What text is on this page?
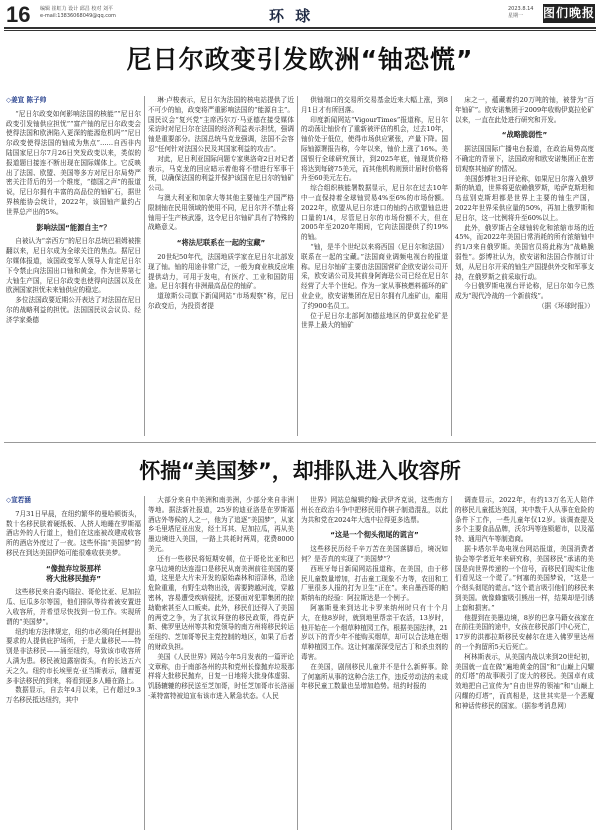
16 编辑 崔虹力 设计 邱昌 校对 刘平
e-mail:13836068049@qq.com	环 球	2023.8.14
星期一	图们晚报
尼日尔政变引发欧洲“铀恐慌”

◇姜宣 陈子帅

“尼日尔政变如何影响法国的核能”“尼日尔政变引发铀供应担忧”“富产铀的尼日尔政变会使得法国和欧洲陷入更深的能源危机吗”“尼日尔政变使得法国的铀成为焦点”……自西非内陆国家尼日尔7月26日突发政变以来，类似的报道题目接连不断出现在国际媒体上。它反映出了法国、欧盟、美国等多方对尼日尔局势严密关注背后的另一个维度，“德国之声”的报道说，尼日尔拥有丰富的高品位的铀矿石，据世界核能协会统计，2022年，该国铀产量约占世界总产出的5%。

影响法国“能源自主”？

自被认为“亲西方”的尼日尔总统巴祖姆被推翻以来，尼日尔成为全球关注的焦点。据尼日尔媒体报道，该国政变军人领导人肯定尼日尔下令禁止向法国出口铀和黄金，作为世界第七大铀生产国，尼日尔政变也使得向法国以及在欧洲国家担忧未来铀供应的稳定。

多位法国政要近期公开表达了对法国在尼日尔的战略利益的担忧。法国国民议会议员、经济学家桑德

琳·卢梭表示，尼日尔为法国的核电站提供了近不可少的铀，政变将严重影响法国的“能源自主”。国民议会“复兴党”主席西尔万·马亚德在接受媒体采访时对尼日尔在法国的经济利益表示担忧，强调铀是重要部分。法国总统马克龙强调，法国不会容忍“任何针对法国公民及其国家利益的攻击”。

对此，尼日利亚国际问题专家奥洛奇2日对记者表示，马克龙的回应暗示着他将不惜进行军事干预，以确保法国的利益并保护该国在尼日尔的铀矿公司。

与澳大利亚和加拿大等其他主要铀生产国严格限制铀在民用领域的使用不同，尼日尔并不禁止将铀用于生产核武器，这令尼日尔铀矿具有了特殊的战略意义。

“将法尼联系在一起的宝藏”

20世纪50年代，法国地质学家在尼日尔北部发现了铀。铀的用途非常广泛，一般为商业核反应堆提供动力，可用于发电，有医疗、工业和国防用途。尼日尔拥有非洲最高品位的铀矿。

道琼斯公司旗下新闻网站“市场观察”称，尼日尔政变后，为投资者提

供铀端口的交易所交易基金近来大幅上涨，到8月1日才有所回落。

印度新闻网站“VigourTimes”报道称，尼日尔的动荡让铀价有了重新被评估的机会，过去10年，铀价处于低位，使得市场供应紧张，产量下降。国际铀源署报告称，今年以来，铀价上涨了16%。美国银行全球研究预计，到2025年底，铀现货价格将达到每磅75美元，而其他机构则预计届时价格将升至60美元左右。

综合组织核能署数据显示，尼日尔在过去10年中一直保持着全球铀贸易4%至6%的市场份额。2022年，欧盟从尼日尔进口的铀约占欧盟铀总进口量的1/4，尽管尼日尔的市场份额不大，但在2005年至2020年期间，它向法国提供了约19%的铀。

“铀，是半个世纪以来将西国（尼日尔和法国）联系在一起的宝藏。”法国商业调频电视台的报道称。尼日尔铀矿主要由法国国营矿企欧安诺公司开采，欧安诺公司及其前身阿海珐公司已经在尼日尔经营了大半个世纪。作为一家从事核燃料循环的矿业企业，欧安诺集团在尼日尔拥有几座矿山，雇用了约900名员工。

位于尼日尔北部阿加德兹地区的伊莫拉伦矿是世界上最大的铀矿

床之一，蕴藏着约20万吨的铀，被誉为“百年铀矿”。欧安诺集团于2009年收购伊莫拉伦矿以来，一直在此处进行研究和开发。

“战略脆弱性”

据法国国际广播电台报道，在政治局势高度不确定的背景下，法国政府和欧安诺集团正在密切观察其铀矿的情况。

美国彭博社3日评论称，如果尼日尔落入俄罗斯的轨道，世界将更依赖俄罗斯，哈萨克斯坦和乌兹别克斯坦都是世界上主要的铀生产国，2022年世界采供应量的50%，再加上俄罗斯和尼日尔，这一比例将升至60%以上。

此外，俄罗斯占全球铀转化和浓缩市场的近45%，而2022年美国日常消耗的所有浓缩铀中约1/3来自俄罗斯。美国官员将此称为“战略脆弱性”。彭博社认为，欧安诺和法国合作制订计划，从尼日尔开采的铀生产国提供外交和军事支持，在俄罗斯之前采取行动。

今日俄罗斯电视台评论称，尼日尔如今已然成为“现代冷战的一个新前线”。

（据《环球时报》）

怀揣“美国梦”，却排队进入收容所

◇宣若涵

7月31日早晨，在纽约繁华的曼哈顿街头，数十名移民肤着硬纸板、人挤人地睡在罗斯福酒店外的人行道上，他们在这座被改建成收容所的酒店外度过了一夜。这些怀揣“美国梦”的移民在到达美国伊始可能很难收获美梦。

“像抛弃垃圾那样
将大批移民抛弃”

这些移民来自委内瑞拉、哥伦比亚、尼加拉瓜、厄瓜多尔等国，他们排队等待着被安置进入收容所，并希望尽快找到一份工作。实现所谓的“美国梦”。

纽约地方法律规定，纽约市必须向任何提出要求的人提供庇护场所，于是大量移民——特别是非法移民——涌至纽约，导致该市收容所人满为患。移民被迫露宿街头，有的长达五六天之久。纽约市长埃里克·亚当斯表示，随着更多非法移民的到来，将看到更多人睡在路上。

数据显示，自去年4月以来，已有超过9.3万名移民抵达纽约，其中

大部分来自中美洲和南美洲，少部分来自非洲等地。据法新社报道，25岁的迪亚洛是在罗斯福酒店外等候的人之一，他为了追逐“美国梦”，从家乡毛里塔尼亚出发，经土耳其、尼加拉瓜，再从美墨边境进入美国，一路上共耗时两周，花费8000美元。

还有一些移民将短期安顿，位于哥伦比亚和巴拿马边境的达连湿口是移民从南美洲前往美国的要道，这里是大片未开发的原始森林和沼泽林，沿途危险重重，有野生动物出没，需要跨越河流，穿越密林，容易遭受疾病侵扰，还要面对犯罪集团的掠劫勒索甚至人口贩卖。此外，移民们还得入了美国的两党之争，为了抗议拜登的移民政策，得克萨斯、佛罗里达州等共和党领导的南方州将移民转运至纽约、芝加哥等民主党控制的地区，如果了后者的财政负担。

美国《人民世界》网站今年5月发表的一篇评论文章称，由于南部各州的共和党州长像抛弃垃圾那样将大批移民抛弃，日复一日地将大批身体虚弱、饥肠辘辘的移民送至芝加哥，时任芝加哥市长洛丽·莱特富特被迫宣布该市进入紧急状态。《人民

世界》网站总编辑约翰·武伊齐克说，这些南方州长在政治斗争中把移民用作棋子制造混乱，以此为共和党在2024年大选中拉得更多选票。

“这是一个彻头彻尾的谎言”

这些移民历经千辛万苦在美国落脚后，境况如何？是否真的实现了“美国梦”？

西班牙每日新闻网站报道称，在美国，由于移民儿童数量增加，打击童工现象不力等，农田和工厂里很多人报的打为卫生“正在”。来自墨西哥的帕斯纳布的经验：阿拉斯达是一个例子。

阿塞斯曼来到达北卡罗来纳州时只有十个月大，在他8岁时，就到地里帮亲干农活，13岁时，他开始在一个烟草种植园工作。根据美国法律，21岁以下的青少年不能购买烟草，却可以合法地在烟草种植园工作。这让何塞深深受尼古丁和杀虫剂的毒害。

在美国，剧削移民儿童并不是什么新鲜事。除了何塞所从事的这种合法工作，违反劳动法的未成年移民童工数量也呈增加趋势。纽约时报的

调查显示，2022年，有约13万名无人陪伴的移民儿童抵达美国，其中数千人从事在危险的条件下工作，一些儿童年仅12岁。该调查提及多个主要食品品牌，沃尔玛等连锁超市，以及福特、通用汽车等制造商。

据卡塔尔半岛电视台网站报道，美国消费者协会等学者近年来研究称，美国移民“承诺的美国是向世界传递的一个信号，而移民们现实让他们看见这一个谎了。”何塞的美国梦说，“这是一个彻头彻尾的谎言。”这个谎言吸引他们的移民来到美国。就像蜂蜜吸引熊出一样，结果却是引诱上套和损害。”

他提到在美墨边境，8岁的巴拿马籍女孩家在在前往美国的途中，女孩在移民部门中心死亡，17岁的洪都拉斯移民安赫尔在进入佛罗里达州的一个拘留所5天后死亡。

柯林斯表示，从美国内战以来到20世纪初，美国就一直在做“遍地黄金的国”和“山巅上闪耀的灯塔”的故事吸引了庞大的移民。美国卓有成效地把自己宣传为“自由世界的领袖”和“山巅上闪耀的灯塔”，而真相是，这世其实是一个恶魔和神话传移民的国家。（据参考消息网）
